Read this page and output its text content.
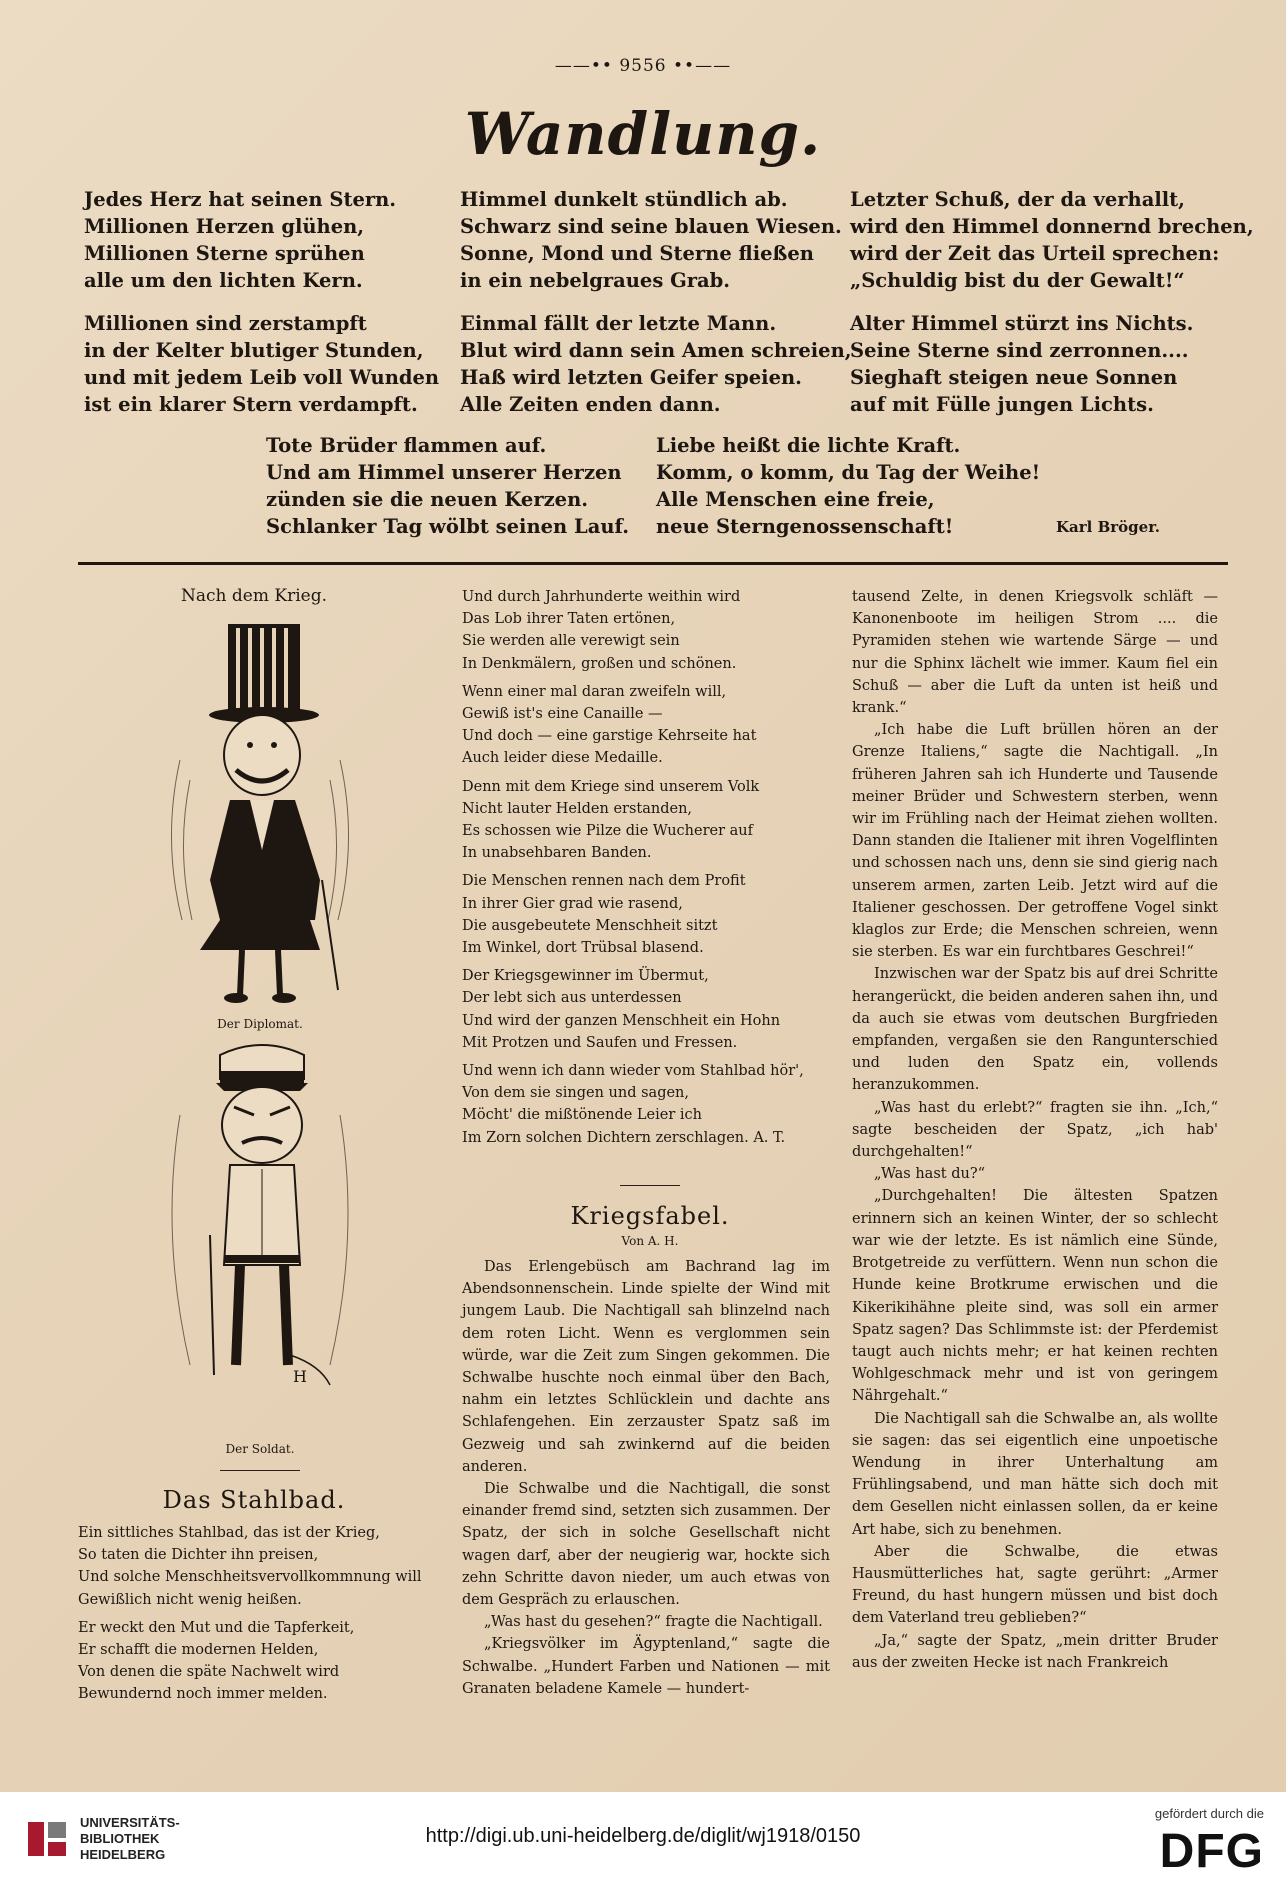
——•• 9556 ••——
Wandlung.
Jedes Herz hat seinen Stern.
Millionen Herzen glühen,
Millionen Sterne sprühen
alle um den lichten Kern.
Millionen sind zerstampft
in der Kelter blutiger Stunden,
und mit jedem Leib voll Wunden
ist ein klarer Stern verdampft.
Himmel dunkelt stündlich ab.
Schwarz sind seine blauen Wiesen.
Sonne, Mond und Sterne fließen
in ein nebelgraues Grab.
Einmal fällt der letzte Mann.
Blut wird dann sein Amen schreien,
Haß wird letzten Geifer speien.
Alle Zeiten enden dann.
Letzter Schuß, der da verhallt,
wird den Himmel donnernd brechen,
wird der Zeit das Urteil sprechen:
„Schuldig bist du der Gewalt!“
Alter Himmel stürzt ins Nichts.
Seine Sterne sind zerronnen....
Sieghaft steigen neue Sonnen
auf mit Fülle jungen Lichts.
Tote Brüder flammen auf.
Und am Himmel unserer Herzen
zünden sie die neuen Kerzen.
Schlanker Tag wölbt seinen Lauf.
Liebe heißt die lichte Kraft.
Komm, o komm, du Tag der Weihe!
Alle Menschen eine freie,
neue Sterngenossenschaft!	Karl Bröger.
Nach dem Krieg.
Der Diplomat.
H
Der Soldat.
Das Stahlbad.
Ein sittliches Stahlbad, das ist der Krieg,
So taten die Dichter ihn preisen,
Und solche Menschheitsvervollkommnung will
Gewißlich nicht wenig heißen.
Er weckt den Mut und die Tapferkeit,
Er schafft die modernen Helden,
Von denen die späte Nachwelt wird
Bewundernd noch immer melden.
Und durch Jahrhunderte weithin wird
Das Lob ihrer Taten ertönen,
Sie werden alle verewigt sein
In Denkmälern, großen und schönen.
Wenn einer mal daran zweifeln will,
Gewiß ist's eine Canaille —
Und doch — eine garstige Kehrseite hat
Auch leider diese Medaille.
Denn mit dem Kriege sind unserem Volk
Nicht lauter Helden erstanden,
Es schossen wie Pilze die Wucherer auf
In unabsehbaren Banden.
Die Menschen rennen nach dem Profit
In ihrer Gier grad wie rasend,
Die ausgebeutete Menschheit sitzt
Im Winkel, dort Trübsal blasend.
Der Kriegsgewinner im Übermut,
Der lebt sich aus unterdessen
Und wird der ganzen Menschheit ein Hohn
Mit Protzen und Saufen und Fressen.
Und wenn ich dann wieder vom Stahlbad hör',
Von dem sie singen und sagen,
Möcht' die mißtönende Leier ich
Im Zorn solchen Dichtern zerschlagen. A. T.
Kriegsfabel.
Von A. H.

Das Erlengebüsch am Bachrand lag im Abendsonnenschein. Linde spielte der Wind mit jungem Laub. Die Nachtigall sah blinzelnd nach dem roten Licht. Wenn es verglommen sein würde, war die Zeit zum Singen gekommen. Die Schwalbe huschte noch einmal über den Bach, nahm ein letztes Schlücklein und dachte ans Schlafengehen. Ein zerzauster Spatz saß im Gezweig und sah zwinkernd auf die beiden anderen.

Die Schwalbe und die Nachtigall, die sonst einander fremd sind, setzten sich zusammen. Der Spatz, der sich in solche Gesellschaft nicht wagen darf, aber der neugierig war, hockte sich zehn Schritte davon nieder, um auch etwas von dem Gespräch zu erlauschen.

„Was hast du gesehen?“ fragte die Nachtigall.

„Kriegsvölker im Ägyptenland,“ sagte die Schwalbe. „Hundert Farben und Nationen — mit Granaten beladene Kamele — hundert-

tausend Zelte, in denen Kriegsvolk schläft — Kanonenboote im heiligen Strom .... die Pyramiden stehen wie wartende Särge — und nur die Sphinx lächelt wie immer. Kaum fiel ein Schuß — aber die Luft da unten ist heiß und krank.“

„Ich habe die Luft brüllen hören an der Grenze Italiens,“ sagte die Nachtigall. „In früheren Jahren sah ich Hunderte und Tausende meiner Brüder und Schwestern sterben, wenn wir im Frühling nach der Heimat ziehen wollten. Dann standen die Italiener mit ihren Vogelflinten und schossen nach uns, denn sie sind gierig nach unserem armen, zarten Leib. Jetzt wird auf die Italiener geschossen. Der getroffene Vogel sinkt klaglos zur Erde; die Menschen schreien, wenn sie sterben. Es war ein furchtbares Geschrei!“

Inzwischen war der Spatz bis auf drei Schritte herangerückt, die beiden anderen sahen ihn, und da auch sie etwas vom deutschen Burgfrieden empfanden, vergaßen sie den Rangunterschied und luden den Spatz ein, vollends heranzukommen.

„Was hast du erlebt?“ fragten sie ihn. „Ich,“ sagte bescheiden der Spatz, „ich hab' durchgehalten!“

„Was hast du?“

„Durchgehalten! Die ältesten Spatzen erinnern sich an keinen Winter, der so schlecht war wie der letzte. Es ist nämlich eine Sünde, Brotgetreide zu verfüttern. Wenn nun schon die Hunde keine Brotkrume erwischen und die Kikerikihähne pleite sind, was soll ein armer Spatz sagen? Das Schlimmste ist: der Pferdemist taugt auch nichts mehr; er hat keinen rechten Wohlgeschmack mehr und ist von geringem Nährgehalt.“

Die Nachtigall sah die Schwalbe an, als wollte sie sagen: das sei eigentlich eine unpoetische Wendung in ihrer Unterhaltung am Frühlingsabend, und man hätte sich doch mit dem Gesellen nicht einlassen sollen, da er keine Art habe, sich zu benehmen.

Aber die Schwalbe, die etwas Hausmütterliches hat, sagte gerührt: „Armer Freund, du hast hungern müssen und bist doch dem Vaterland treu geblieben?“

„Ja,“ sagte der Spatz, „mein dritter Bruder aus der zweiten Hecke ist nach Frankreich

UNIVERSITÄTS-
BIBLIOTHEK
HEIDELBERG
http://digi.ub.uni-heidelberg.de/diglit/wj1918/0150
gefördert durch die
DFG
